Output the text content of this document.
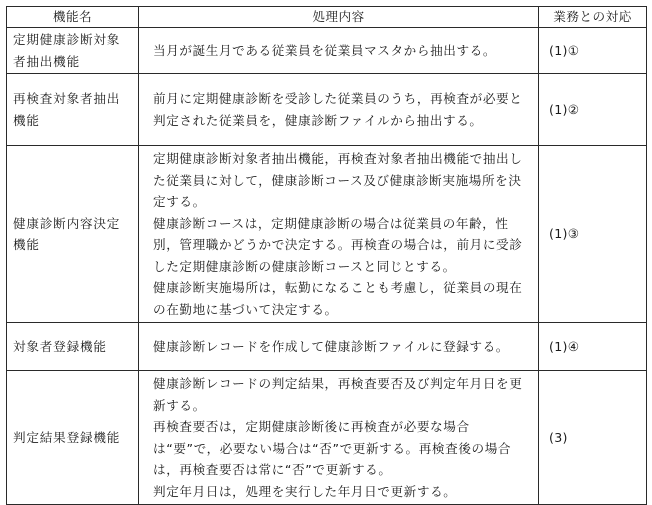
機能名	処理内容	業務との対応

定期健康診断対象
者抽出機能	当月が誕生月である従業員を従業員マスタから抽出する。	(1)①

再検査対象者抽出
機能	前月に定期健康診断を受診した従業員のうち，再検査が必要と判定された従業員を，健康診断ファイルから抽出する。	(1)②

健康診断内容決定
機能	定期健康診断対象者抽出機能，再検査対象者抽出機能で抽出した従業員に対して，健康診断コース及び健康診断実施場所を決定する。
健康診断コースは，定期健康診断の場合は従業員の年齢，性別，管理職かどうかで決定する。再検査の場合は，前月に受診した定期健康診断の健康診断コースと同じとする。
健康診断実施場所は，転勤になることも考慮し，従業員の現在の在勤地に基づいて決定する。	(1)③

対象者登録機能	健康診断レコードを作成して健康診断ファイルに登録する。	(1)④

判定結果登録機能	健康診断レコードの判定結果，再検査要否及び判定年月日を更新する。
再検査要否は，定期健康診断後に再検査が必要な場合は“要”で，必要ない場合は“否”で更新する。再検査後の場合は，再検査要否は常に“否”で更新する。
判定年月日は，処理を実行した年月日で更新する。	(3)
